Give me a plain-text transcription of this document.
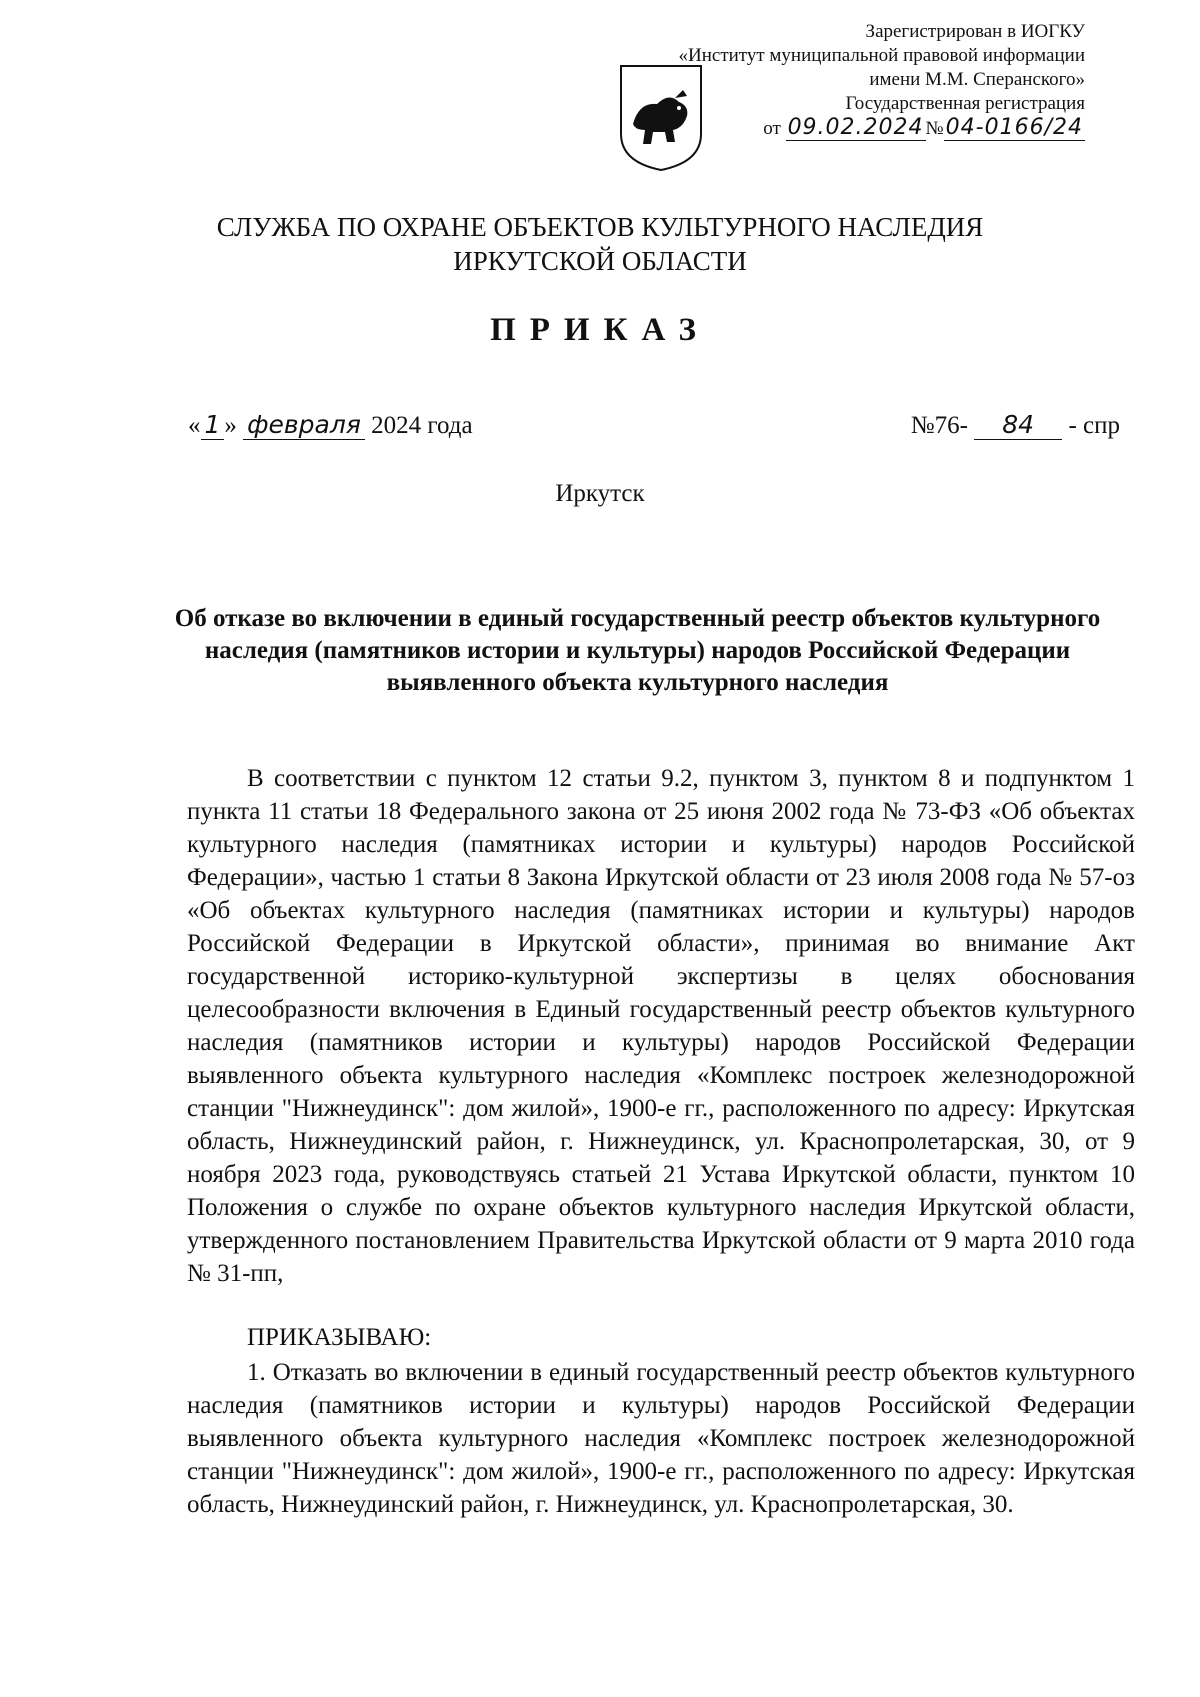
Зарегистрирован в ИОГКУ
«Институт муниципальной правовой информации
имени М.М. Сперанского»
Государственная регистрация
от 09.02.2024 №04-0166/24
СЛУЖБА ПО ОХРАНЕ ОБЪЕКТОВ КУЛЬТУРНОГО НАСЛЕДИЯ
ИРКУТСКОЙ ОБЛАСТИ
ПРИКАЗ
« 1 » февраля 2024 года	№76- 84 - спр
Иркутск
Об отказе во включении в единый государственный реестр объектов культурного наследия (памятников истории и культуры) народов Российской Федерации выявленного объекта культурного наследия

В соответствии с пунктом 12 статьи 9.2, пунктом 3, пунктом 8 и подпунктом 1 пункта 11 статьи 18 Федерального закона от 25 июня 2002 года № 73-ФЗ «Об объектах культурного наследия (памятниках истории и культуры) народов Российской Федерации», частью 1 статьи 8 Закона Иркутской области от 23 июля 2008 года № 57-оз «Об объектах культурного наследия (памятниках истории и культуры) народов Российской Федерации в Иркутской области», принимая во внимание Акт государственной историко-культурной экспертизы в целях обоснования целесообразности включения в Единый государственный реестр объектов культурного наследия (памятников истории и культуры) народов Российской Федерации выявленного объекта культурного наследия «Комплекс построек железнодорожной станции "Нижнеудинск": дом жилой», 1900-е гг., расположенного по адресу: Иркутская область, Нижнеудинский район, г. Нижнеудинск, ул. Краснопролетарская, 30, от 9 ноября 2023 года, руководствуясь статьей 21 Устава Иркутской области, пунктом 10 Положения о службе по охране объектов культурного наследия Иркутской области, утвержденного постановлением Правительства Иркутской области от 9 марта 2010 года № 31-пп,

ПРИКАЗЫВАЮ:

1. Отказать во включении в единый государственный реестр объектов культурного наследия (памятников истории и культуры) народов Российской Федерации выявленного объекта культурного наследия «Комплекс построек железнодорожной станции "Нижнеудинск": дом жилой», 1900-е гг., расположенного по адресу: Иркутская область, Нижнеудинский район, г. Нижнеудинск, ул. Краснопролетарская, 30.
